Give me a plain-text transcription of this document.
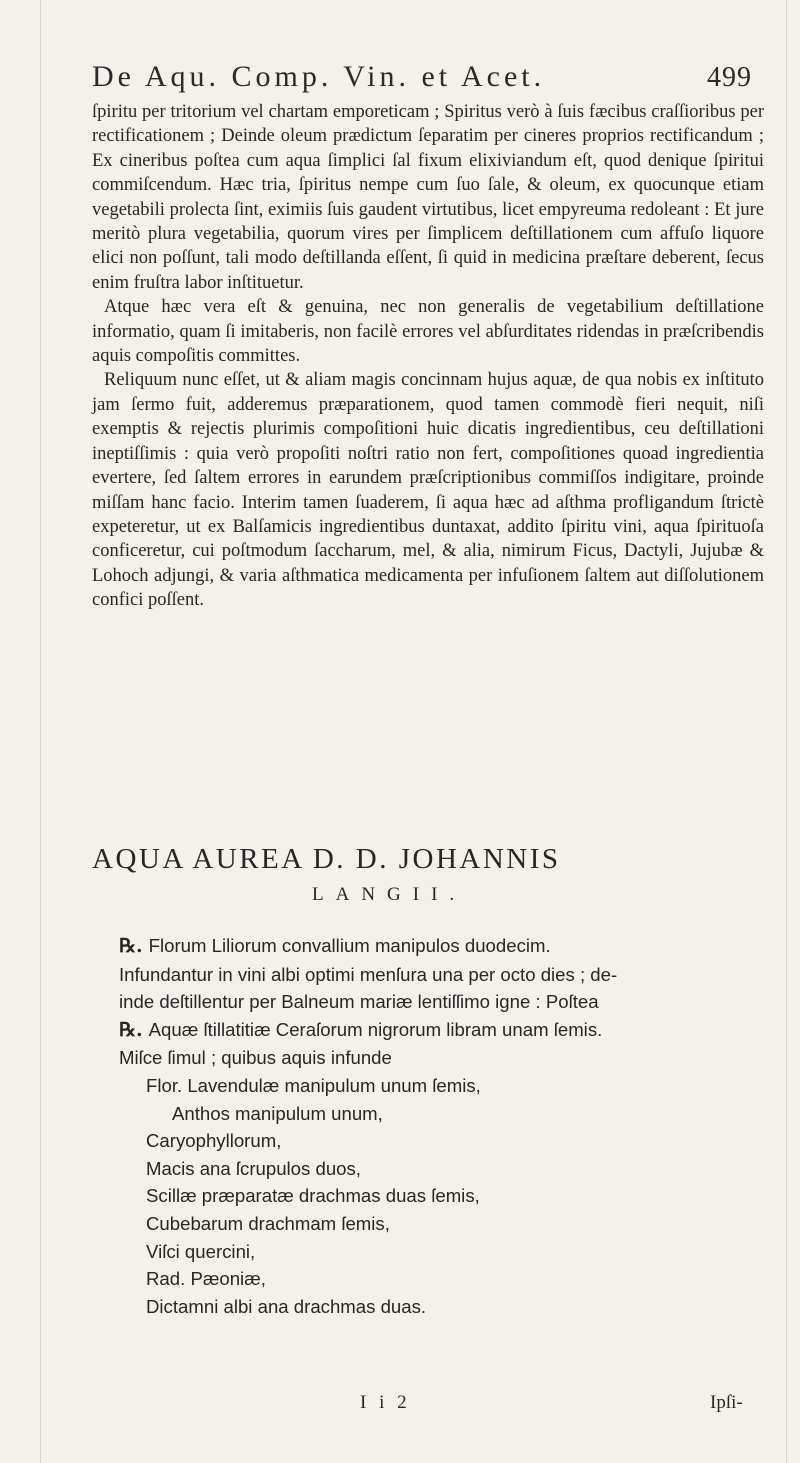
De Aqu. Comp. Vin. et Acet.	499

ſpiritu per tritorium vel chartam emporeticam ; Spiritus verò à ſuis fæcibus craſſioribus per rectificationem ; Deinde oleum prædictum ſeparatim per cineres proprios rectificandum ; Ex cineribus poſtea cum aqua ſimplici ſal fixum elixiviandum eſt, quod denique ſpiritui commiſcendum. Hæc tria, ſpiritus nempe cum ſuo ſale, & oleum, ex quocunque etiam vegetabili prolecta ſint, eximiis ſuis gaudent virtutibus, licet empyreuma redoleant : Et jure meritò plura vegetabilia, quorum vires per ſimplicem deſtillationem cum affuſo liquore elici non poſſunt, tali modo deſtillanda eſſent, ſi quid in medicina præſtare deberent, ſecus enim fruſtra labor inſtituetur.

Atque hæc vera eſt & genuina, nec non generalis de vegetabilium deſtillatione informatio, quam ſi imitaberis, non facilè errores vel abſurditates ridendas in præſcribendis aquis compoſitis committes.

Reliquum nunc eſſet, ut & aliam magis concinnam hujus aquæ, de qua nobis ex inſtituto jam ſermo fuit, adderemus præparationem, quod tamen commodè fieri nequit, niſi exemptis & rejectis plurimis compoſitioni huic dicatis ingredientibus, ceu deſtillationi ineptiſſimis : quia verò propoſiti noſtri ratio non fert, compoſitiones quoad ingredientia evertere, ſed ſaltem errores in earundem præſcriptionibus commiſſos indigitare, proinde miſſam hanc facio. Interim tamen ſuaderem, ſi aqua hæc ad aſthma profligandum ſtrictè expeteretur, ut ex Balſamicis ingredientibus duntaxat, addito ſpiritu vini, aqua ſpirituoſa conficeretur, cui poſtmodum ſaccharum, mel, & alia, nimirum Ficus, Dactyli, Jujubæ & Lohoch adjungi, & varia aſthmatica medicamenta per infuſionem ſaltem aut diſſolutionem confici poſſent.

AQUA AUREA D. D. JOHANNIS
LANGII.
℞. Florum Liliorum convallium manipulos duodecim.
Infundantur in vini albi optimi menſura una per octo dies ; de-
inde deſtillentur per Balneum mariæ lentiſſimo igne : Poſtea
℞. Aquæ ſtillatitiæ Ceraſorum nigrorum libram unam ſemis.
Miſce ſimul ; quibus aquis infunde
Flor. Lavendulæ manipulum unum ſemis,
Anthos manipulum unum,
Caryophyllorum,
Macis ana ſcrupulos duos,
Scillæ præparatæ drachmas duas ſemis,
Cubebarum drachmam ſemis,
Viſci quercini,
Rad. Pæoniæ,
Dictamni albi ana drachmas duas.
I i 2	Ipſi-
